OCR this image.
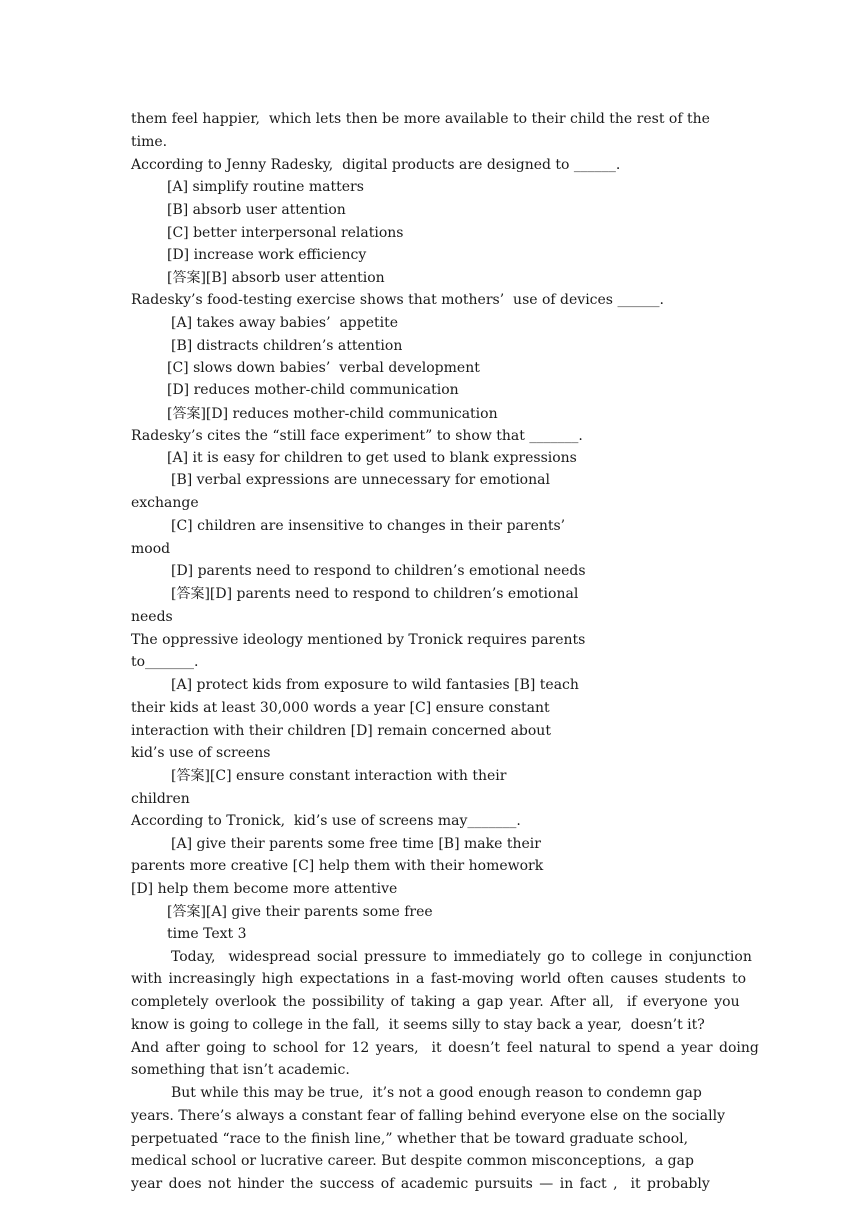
them feel happier,  which lets then be more available to their child the rest of the
time.
According to Jenny Radesky,  digital products are designed to ______.
[A] simplify routine matters
[B] absorb user attention
[C] better interpersonal relations
[D] increase work efficiency
[答案][B] absorb user attention
Radesky’s food-testing exercise shows that mothers’  use of devices ______.
[A] takes away babies’  appetite
[B] distracts children’s attention
[C] slows down babies’  verbal development
[D] reduces mother-child communication
[答案][D] reduces mother-child communication
Radesky’s cites the “still face experiment” to show that _______.
[A] it is easy for children to get used to blank expressions
[B] verbal expressions are unnecessary for emotional
exchange
[C] children are insensitive to changes in their parents’
mood
[D] parents need to respond to children’s emotional needs
[答案][D] parents need to respond to children’s emotional
needs
The oppressive ideology mentioned by Tronick requires parents
to_______.
[A] protect kids from exposure to wild fantasies [B] teach
their kids at least 30,000 words a year [C] ensure constant
interaction with their children [D] remain concerned about
kid’s use of screens
[答案][C] ensure constant interaction with their
children
According to Tronick,  kid’s use of screens may_______.
[A] give their parents some free time [B] make their
parents more creative [C] help them with their homework
[D] help them become more attentive
[答案][A] give their parents some free
time Text 3
Today,  widespread social pressure to immediately go to college in conjunction
with increasingly high expectations in a fast-moving world often causes students to
completely overlook the possibility of taking a gap year. After all,  if everyone you
know is going to college in the fall,  it seems silly to stay back a year,  doesn’t it?
And after going to school for 12 years,  it doesn’t feel natural to spend a year doing
something that isn’t academic.
But while this may be true,  it’s not a good enough reason to condemn gap
years. There’s always a constant fear of falling behind everyone else on the socially
perpetuated “race to the finish line,” whether that be toward graduate school,
medical school or lucrative career. But despite common misconceptions,  a gap
year does not hinder the success of academic pursuits — in fact ,  it probably
